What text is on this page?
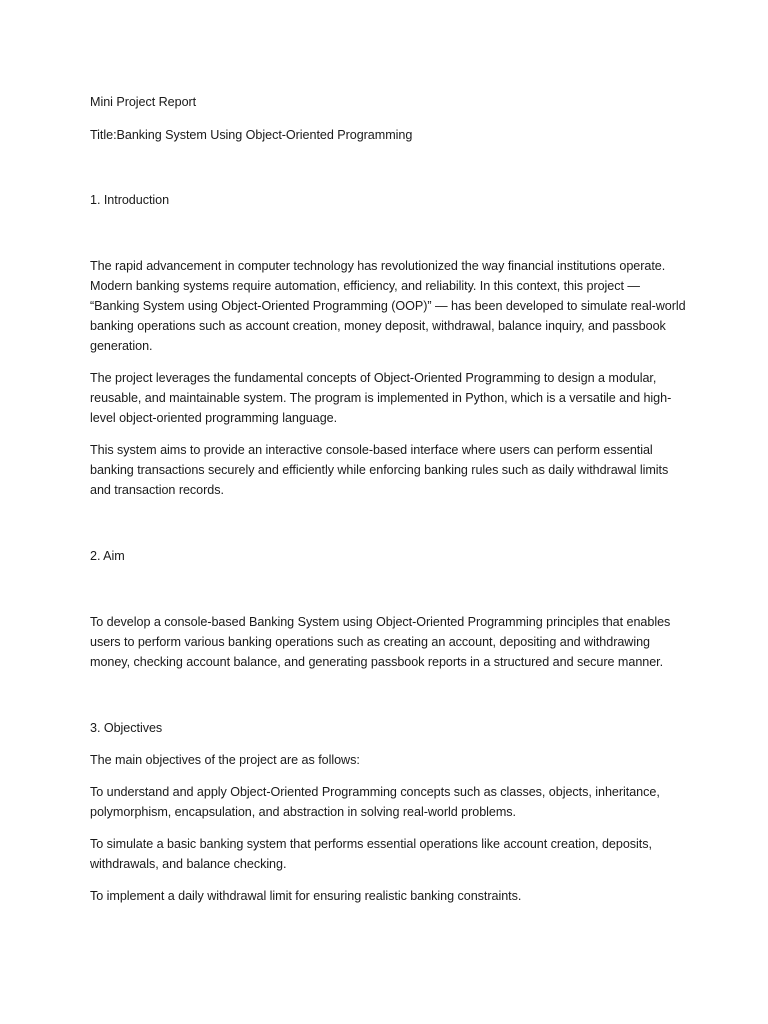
Mini Project Report

Title:Banking System Using Object-Oriented Programming

1. Introduction

The rapid advancement in computer technology has revolutionized the way financial institutions operate. Modern banking systems require automation, efficiency, and reliability. In this context, this project — “Banking System using Object-Oriented Programming (OOP)” — has been developed to simulate real-world banking operations such as account creation, money deposit, withdrawal, balance inquiry, and passbook generation.

The project leverages the fundamental concepts of Object-Oriented Programming to design a modular, reusable, and maintainable system. The program is implemented in Python, which is a versatile and high-level object-oriented programming language.

This system aims to provide an interactive console-based interface where users can perform essential banking transactions securely and efficiently while enforcing banking rules such as daily withdrawal limits and transaction records.

2. Aim

To develop a console-based Banking System using Object-Oriented Programming principles that enables users to perform various banking operations such as creating an account, depositing and withdrawing money, checking account balance, and generating passbook reports in a structured and secure manner.

3. Objectives

The main objectives of the project are as follows:

To understand and apply Object-Oriented Programming concepts such as classes, objects, inheritance, polymorphism, encapsulation, and abstraction in solving real-world problems.

To simulate a basic banking system that performs essential operations like account creation, deposits, withdrawals, and balance checking.

To implement a daily withdrawal limit for ensuring realistic banking constraints.
